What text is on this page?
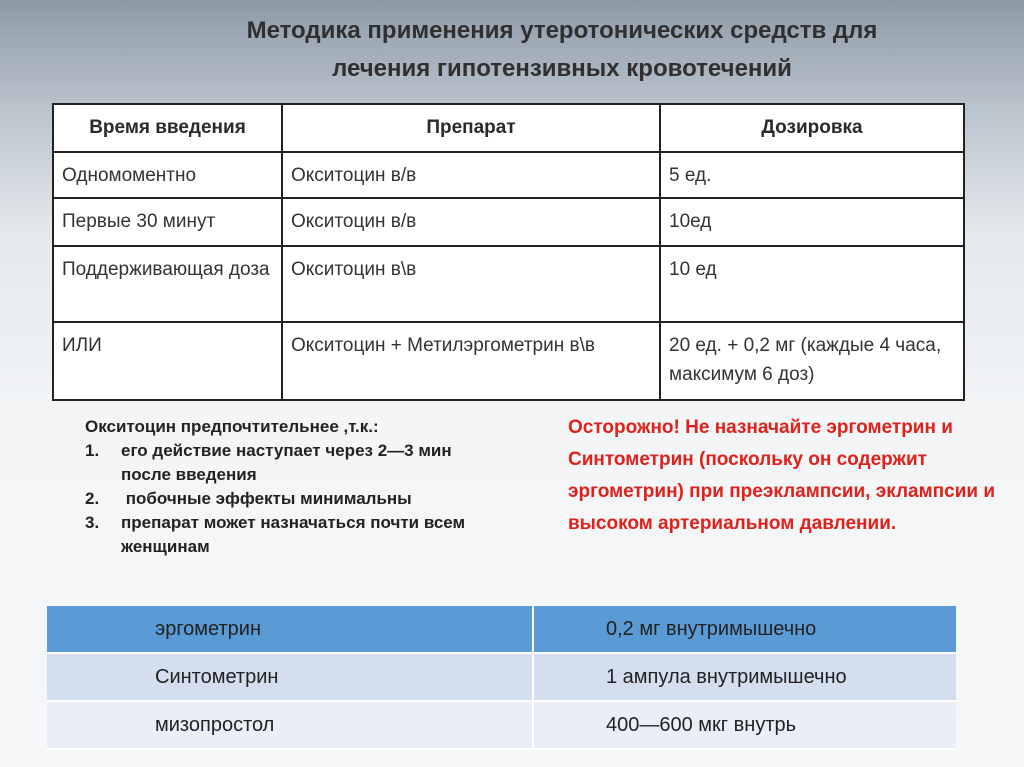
Методика применения утеротонических средств для
лечения гипотензивных кровотечений
Время введения	Препарат	Дозировка
Одномоментно	Окситоцин в/в	5 ед.
Первые 30 минут	Окситоцин в/в	10ед
Поддерживающая доза	Окситоцин в\в	10 ед
ИЛИ	Окситоцин + Метилэргометрин в\в	20 ед. + 0,2 мг (каждые 4 часа, максимум 6 доз)
Окситоцин предпочтительнее ,т.к.:
1.	его действие наступает через 2—3 мин после введения
2.	побочные эффекты минимальны
3.	препарат может назначаться почти всем женщинам
Осторожно! Не назначайте эргометрин и Синтометрин (поскольку он содержит эргометрин) при преэклампсии, эклампсии и высоком артериальном давлении.
эргометрин	0,2 мг внутримышечно
Синтометрин	1 ампула внутримышечно
мизопростол	400—600 мкг внутрь
